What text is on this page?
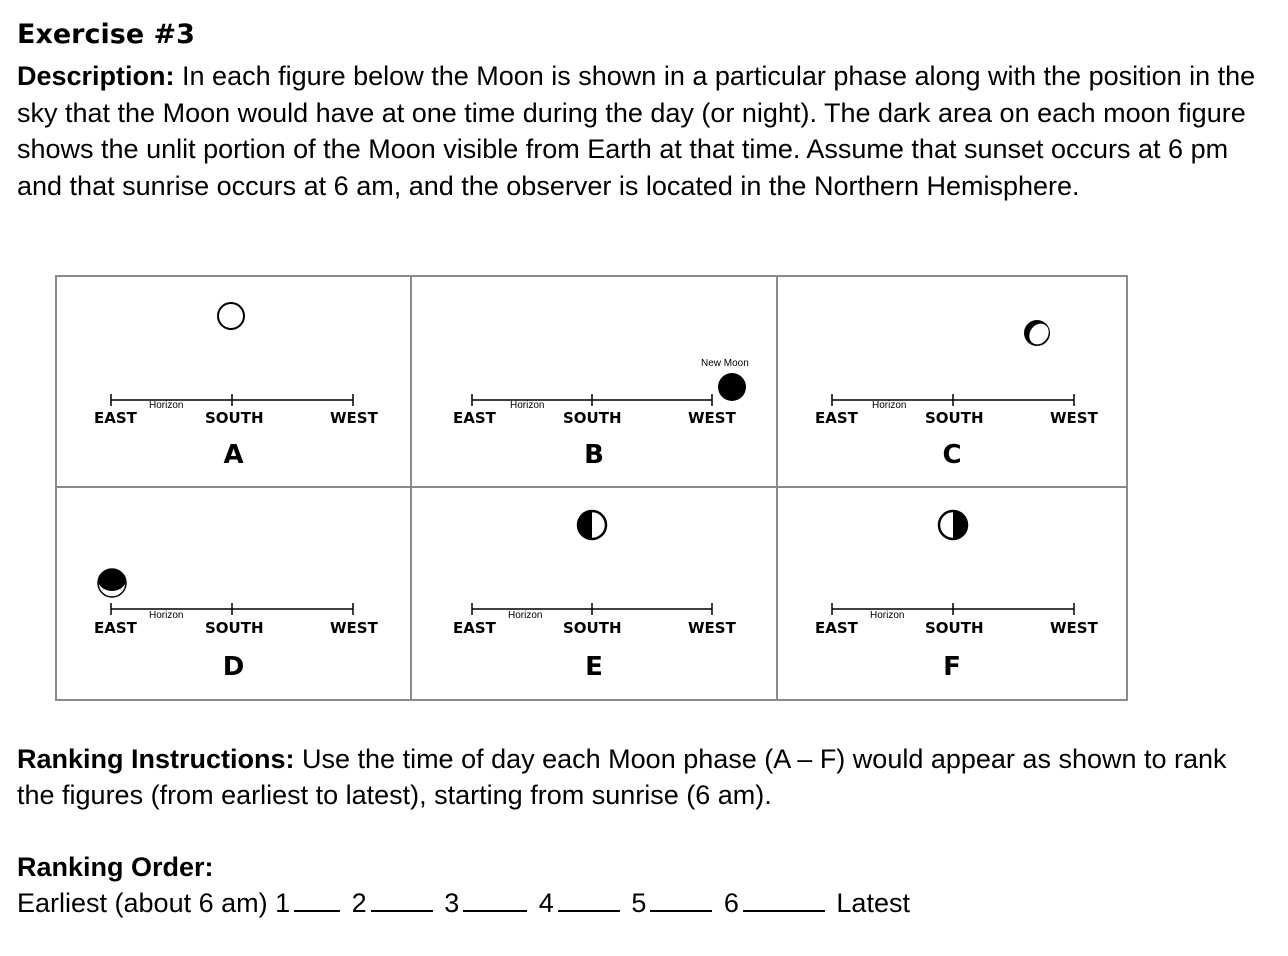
Exercise #3
Description: In each figure below the Moon is shown in a particular phase along with the position in the sky that the Moon would have at one time during the day (or night). The dark area on each moon figure shows the unlit portion of the Moon visible from Earth at that time. Assume that sunset occurs at 6 pm and that sunrise occurs at 6 am, and the observer is located in the Northern Hemisphere.
EAST
Horizon
SOUTH	WEST
A
New Moon
EAST
Horizon
SOUTH	WEST
B
EAST
Horizon
SOUTH	WEST
C
EAST
Horizon
SOUTH	WEST
D
EAST
Horizon
SOUTH	WEST
E
EAST
Horizon
SOUTH	WEST
F
Ranking Instructions: Use the time of day each Moon phase (A – F) would appear as shown to rank the figures (from earliest to latest), starting from sunrise (6 am).
Ranking Order:
Earliest (about 6 am) 1 2	3	4	5	6	Latest
